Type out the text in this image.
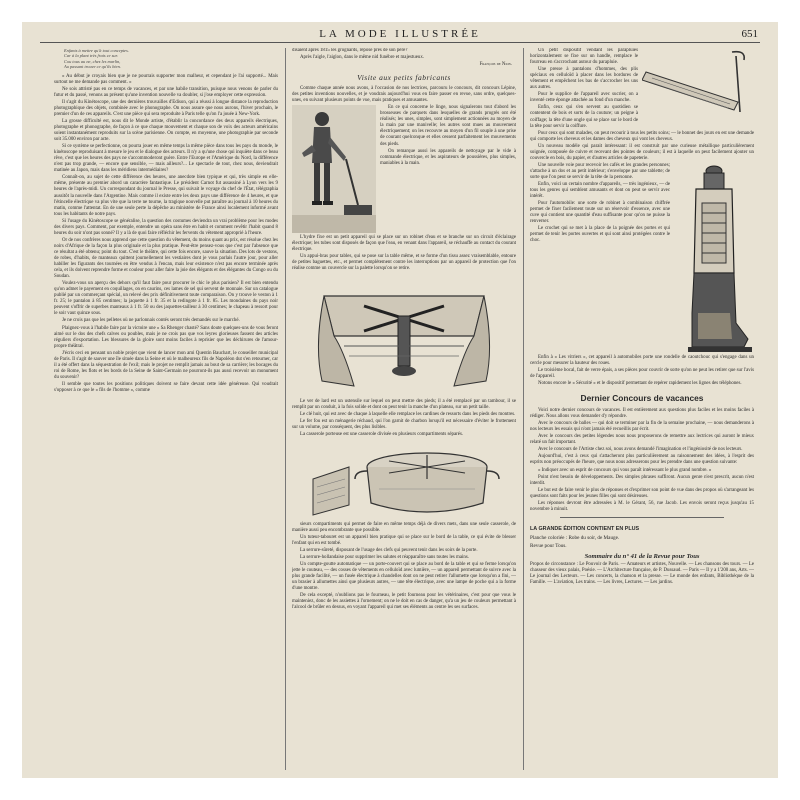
LA MODE ILLUSTRÉE	651
Enfants à mettre qu'à tout conceptes.
Car à la plant très frais ce sur.
Cou tous au ne, chez les marlin,
Au passant trouve ce qu'ils bien.

« Au début je croyais bien que je ne pourrais supporter mon malheur, et cependant je l'ai supporté... Mais surtout ne me demande pas comment. »

Ne sois attristé pas en ce temps de vacances, et par une habile transition, puisque nous venons de parler du futur et du passé, venons au présent qu'une invention nouvelle va doubler, si j'ose employer cette expression.

Il s'agit du Kinétoscope, une des dernières trouvailles d'Edison, qui a réussi à longue distance la reproduction photographique des objets, combinée avec le phonographe. On nous assure que nous aurons, l'hiver prochain, le premier d'un de ces appareils. C'est une pièce qui sera reproduite à Paris telle qu'on l'a jouée à New-York.

La grosse difficulté est, nous dit le Monde artiste, d'établir la concordance des deux appareils électriques, photographe et phonographe, de façon à ce que chaque mouvement et chaque son de voix des acteurs américains soient instantanément reproduits sur la scène parisienne. On compte, en moyenne, une photographie par seconde soit 35.000 environ par acte.

Si ce système se perfectionne, on pourra jouer en même temps la même pièce dans tous les pays du monde, le kinétoscope reproduisant à mesure le jeu et le dialogue des acteurs. Il n'y a qu'une chose qui inquiète dans ce beau rêve, c'est que les heures des pays ne s'accommoderont guère. Entre l'Europe et l'Amérique du Nord, la différence n'est pas trop grande, — encore que sensible, — mais ailleurs?... Le spectacle de tout, chez nous, deviendrait matinée au Japon, mais dans les méridiens intermédiaires?

Connaît-on, au sujet de cette différence des heures, une anecdote bien typique et qui, très simple en elle-même, présente au premier abord un caractère fantastique. Le président Carnot fut assassiné à Lyon vers les 9 heures de l'après-midi. Un correspondant du journal le Presse, qui suivait le voyage du chef de l'État, télégraphia aussitôt la nouvelle dans l'Argentine. Mais comme il existe entre les deux pays une différence de 4 heures, et que l'étincelle électrique va plus vite que la terre ne tourne, la tragique nouvelle put paraître au journal à 10 heures du matin, comme l'attentat. En de une seule perte la dépêche au ministère de France ainsi localement informé avant tous les habitants de notre pays.

Si l'usage du Kinétoscope se généralise, la question des costumes deviendra un vrai problème pour les modes des divers pays. Comment, par exemple, entendre un opéra sans être en habit et comment revêtir l'habit quand 8 heures du soir n'ont pas sonné? Il y a là de quoi faire réfléchir les fervents du vêtement approprié à l'heure.

Or de nos confrères nous apprend que cette question du vêtement, du moins quant au prix, est résolue chez les noirs d'Afrique de la façon la plus originale et la plus pratique. Peut-être pensez-vous que c'est par l'absence que ce résultat a été obtenu; point du tout. C'est le théâtre, qui cette fois encore, sauve la situation. Des lots de vestons, de robes, d'habits, de manteaux quittent journellement les vestiaires dont je vous parlais l'autre jour, pour aller habiller les figurants des tournées en être vendus à l'encan, mais leur existence n'est pas encore terminée après cela, et ils doivent reprendre forme et couleur pour aller faire la joie des élégants et des élégantes du Congo ou du Soudan.

Voulez-vous un aperçu des dehors qu'il faut faire pour procurer le chic le plus parisien? Il est bien entendu qu'on admet le payement en coquillages, on en caurins, ces lames de sel qui servent de monnaie. Sur un catalogue publié par un commerçant spécial, un relevé des prix définitivement toute comparaison. On y trouve le veston à 1 fr. 25; le pantalon à 85 centimes; la jaquette à 1 fr. 35 et la redingote à 1 fr. 85. Les mondaines du pays noir peuvent s'offrir de superbes manteaux à 1 fr. 50 ou des jaquettes-tailleur à 30 centimes; le chapeau à ressort pour le soir vaut quinze sous.

Je ne crois pas que les pelletes où ne parlonnais contés seront très demandés sur le marché.

Plaignez-vous à l'habile faire par la victoire une « Sa Rhenger chasté? Sans doute quelques-uns de vous feront aimé sur le dos des chefs calves ou poubles, mais je ne crois pas que vos leyres glorieuses fassent des articles réguliers d'exportation. Les blessures de la gloire sont moins faciles à reprisier que les déchirures de l'amour-propre théâtral.

J'écris ceci en pensant un noble projet que vient de lancer mon ami Quentin Bauchart, le conseiller municipal de Paris. Il s'agit de sauver une île située dans la Seine et où le malheureux fils de Napoléon dut s'en retourner, car il a été offert dans la séquestration de l'exil; mais le projet ne remplit jamais au bout de sa carrière; les bocages du roi de Rome, les flots et les bords de la Seine de Saint-Germain ne pourront-ils pas aussi recevoir un monument du souvenir?

Il semble que toutes les positions politiques doivent se faire devant cette idée généreuse. Qui voudrait s'opposer à ce que le « fils de l'homme », comme

disaient après 1815 les grognards, repose près de son père?

Après l'aigle, l'aiglon, dans le même nid funèbre et majestueux.

François de Nion.
Visite aux petits fabricants

Comme chaque année nous avons, à l'occasion de nos lectrices, parcouru le concours, dit concours Lépine, des petites inventions nouvelles, et je voudrais aujourd'hui vous en faire passer en revue, sans ordre, quelques-unes, en suivant plusieurs points de vue, mais pratiques et amusantes.

En ce qui concerne le linge, nous signalerons tout d'abord les brosseuses de parquets dans lesquelles de grands progrès ont été réalisés; les unes, simples, sont simplement actionnées au moyen de la main par une manivelle; les autres sont mues au mouvement électriquement; on les recouvre au moyen d'un fil souple à une prise de courant quelconque et elles cessent parfaitement les mouvements des pieds.

On remarque aussi les appareils de nettoyage par le vide à commande électrique, et les aspirateurs de poussières, plus simples, maniables à la main.

L'hydre fixe est un petit appareil qui se place sur un robinet d'eau et se branche sur un circuit d'éclairage électrique; les tubes sont disposés de façon que l'eau, en venant dans l'appareil, se réchauffe au contact du courant électrique.

Un appui-bras pour tables, qui se pose sur la table même, et se forme d'un tissu assez vraisemblable, entoure de petites baguettes, etc., et permet complètement contre les interruptions par un appareil de protection que l'on réalise comme un couvercle sur la palette lorsqu'on se retire.

Le ver de lard est un ustensile sur lequel on peut mettre des pieds; il a été remplacé par un tambour, il se remplit par un conduit, à la fois solide et dont on peut tenir la manche d'un plateau, sur un petit taille.

Le clé huit, qui est avec de chaque à laquelle elle remplace les cardines de ressorts dans les pieds des montres.

Le fer fou est un ménagerie réchaud, qui l'on garnit de charbon lorsqu'il est nécessaire d'éviter le frottement sur un volume, par conséquent, des plus lisibles.

La casserole porteuse est une casserole divisée en plusieurs compartiments séparés.

sieurs compartiments qui permet de faire en même temps déjà de divers mets, dans une seule casserole, de manière aussi peu encombrante que possible.

Un tuteur-tabouret est un appareil bien pratique qui se place sur le bord de la table, ce qui évite de blesser l'enfant qui en est tombé.

La serrure-sûreté, disposant de l'usage des clefs qui peuvent tenir dans les soirs de la porte.

La serrure-hollandaise pour supprimer les salutes et réapparaître sans toutes les mains.

Un compte-goutte automatique — un porte-couvert qui se place au bord de la table et qui se ferme lorsqu'on jette le couteau, — des cosses de vêtements en celluloïd avec lumière, — un appareil permettant de suivre avec la plus grande facilité, — un fusée électrique à chandelles dont on ne peut retirer l'allumette que lorsqu'on a fini, — un brasier à allumettes ainsi que plusieurs autres, — une tête électrique, avec une lampe de poche qui a la forme d'une montre.

De cela excepté, n'oublions pas le fourneau, le petit fourneau pour les vétérinaires, c'est pour que vous le mainteniez, donc de les assiettes à l'ornement; on ne le doit en cas de danger, qu'a un jeu de couleurs permettant à l'alcool de brûler en dessus, en voyant l'appareil qui met ses éléments au centre les ses surfaces.

Un petit dispositif vendant les parapluies horizontalement se fixe sur un handle, remplace le fourreau en s'accrochant autour du parapluie.

Une presse à pantalons d'hommes, des plis spéciaux en celluloïd à placer dans les bordures de vêtement et empêchent les bas de s'accrocher les uns aux autres.

Pour le supplice de l'appareil avec sucrier, on a inventé cette éponge attachée au fond d'un manche.

Enfin, ceux qui s'en servent au quotidien se contentent de bois et sorts de la couture; un peigne à coiffage; la tête d'une ongle qui se place sur le bord de la tête pour servir la coiffure.

Pour ceux qui sont malades, on peut recourir à tous les petits soins; — le bonnet des jours en est une demande qui comporte les cheveux et les dames des cheveux qui vont les cheveux.

Un nouveau modèle qui parait intéressant: il est construit par une curieuse métallique particulièrement soignée, composée de cuivre et recevant des pointes de couleurs; il est à laquelle on peut facilement ajouter un couvercle en bois, du papier, et d'autres articles de papeterie.

Une nouvelle voie pour recevoir les cafés et les grandes personnes; s'attache à un dos et au petit intérieur; s'enveloppe par une tablette; de sorte que l'on peut se servir de la tête de la personne.

Enfin, voici un certain nombre d'appareils, — très ingénieux, — de tous les genres qui semblent amusants et dont on peut se servir avec intérêt.

Pour l'automobile: une sorte de robinet à combinaison chiffrée permet de fixer facilement toute sur un réservoir d'essence, avec une cuve qui contient une quantité d'eau suffisante pour qu'on ne puisse la renverser.

Le crochet qui se met à la place de la poignée des portes et qui permet de tenir les portes ouvertes et qui sont ainsi protégées contre le choc.

Enfin à « Les vitriers », cet appareil à automobiles porte une rondelle de caoutchouc qui s'engage dans un cercle pour mesurer la hauteur des roues.

Le troisième bocal, fait de verre épais, a ses pièces pour couvrir de sorte qu'on ne peut les retirer que sur l'avis de l'appareil.

Notons encore le « Sécurité » et le dispositif permettant de repérer rapidement les lignes des téléphones.

Dernier Concours de vacances

Voici notre dernier concours de vacances. Il est entièrement aux questions plus faciles et les moins faciles à rédiger. Nous allons vous demander d'y répondre.

Avec le concours de balles — qui doit se terminer par la fin de la semaine prochaine, — nous demanderons à nos lecteurs les essais qui n'ont jamais été recueillis par écrit.

Avec le concours des petites légendes nous nous proposerons de remettre aux lectrices qui auront le mieux relaté un fait important.

Avec le concours de l'Artiste chez soi, nous avons demandé l'imagination et l'ingéniosité de nos lecteurs.

Aujourd'hui, c'est à ceux qui s'attacheront plus particulièrement au raisonnement des idées, à l'esprit des esprits non préoccupés de l'heure, que nous nous adresserons pour les prendre dans une question suivante:

« Indiquer avec un esprit de concours qui vous paraît intéressant le plus grand nombre. »

Point n'est besoin de développements. Des simples phrases suffiront. Aucun genre n'est prescrit, aucun n'est interdit.

Le but est de faire venir le plus de réponses et d'exprimer son point de vue dans des propos où s'arrangeant les questions sont faits pour les jeunes filles qui sont désireuses.

Les réponses devront être adressées à M. le Gérant, 56, rue Jacob. Les envois seront reçus jusqu'au 15 novembre à minuit.

LA GRANDE ÉDITION CONTIENT EN PLUS
Planche coloriée : Robe du soir, de Mauge.
Revue pour Tous.
Sommaire du n° 41 de la Revue pour Tous

Propos de circonstance : Le Pouvoir de Paris. — Amateurs et artistes, Nouvelle. — Les chansons des tours. — Le chasseur des vieux palais, Poésie. — L'Architecture française, de P. Dussaud. — Paris — Il y a 1'200 ans, Arts. — Le journal des Lecteurs. — Les concerts, la chanson et la presse. — Le monde des enfants, Bibliothèque de la Famille. — L'aviation, Les trains. — Les livres, Lectures. — Les jardins.
